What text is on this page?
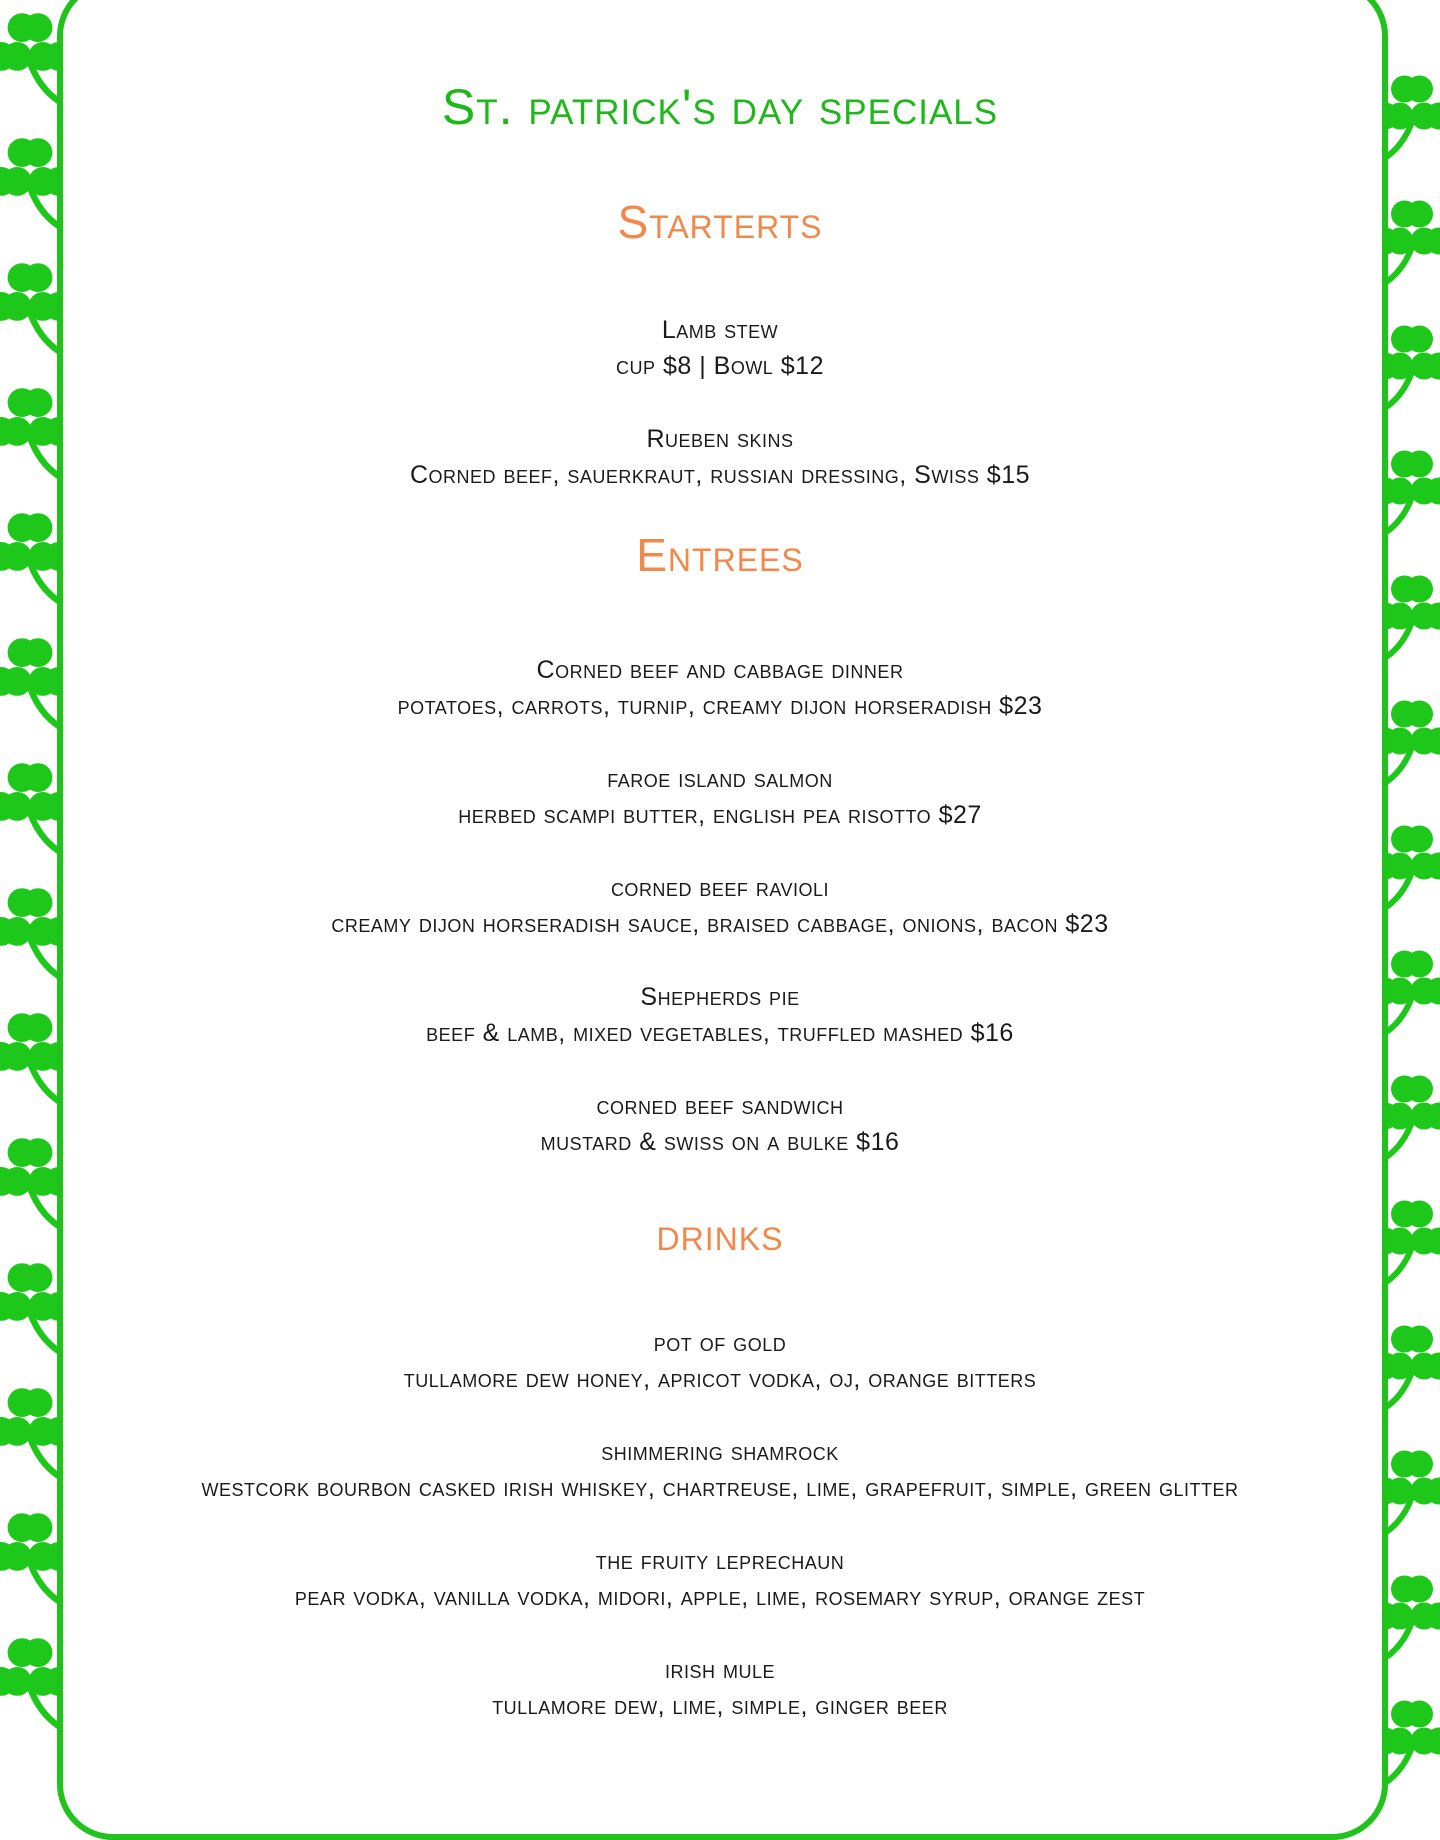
St. patrick's day specials
Starterts
Lamb stew
cup $8 | Bowl $12
Rueben skins
Corned beef, sauerkraut, russian dressing, Swiss $15
Entrees
Corned beef and cabbage dinner
potatoes, carrots, turnip, creamy dijon horseradish $23
faroe island salmon
herbed scampi butter, english pea risotto $27
corned beef ravioli
creamy dijon horseradish sauce, braised cabbage, onions, bacon $23
Shepherds pie
beef & lamb, mixed vegetables, truffled mashed $16
corned beef sandwich
mustard & swiss on a bulke $16
drinks
pot of gold
tullamore dew honey, apricot vodka, oj, orange bitters
shimmering shamrock
westcork bourbon casked irish whiskey, chartreuse, lime, grapefruit, simple, green glitter
the fruity leprechaun
pear vodka, vanilla vodka, midori, apple, lime, rosemary syrup, orange zest
irish mule
tullamore dew, lime, simple, ginger beer
